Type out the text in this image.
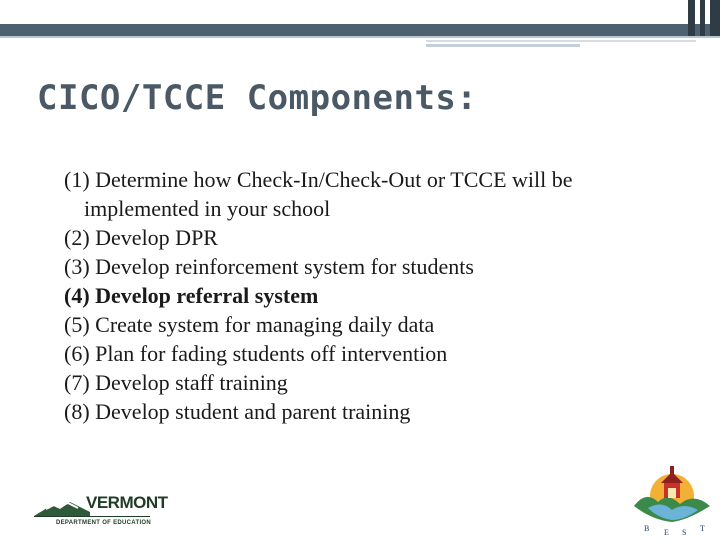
CICO/TCCE Components:
(1) Determine how Check-In/Check-Out or TCCE will be implemented in your school
(2) Develop DPR
(3) Develop reinforcement system for students
(4) Develop referral system
(5) Create system for managing daily data
(6) Plan for fading students off intervention
(7) Develop staff training
(8) Develop student and parent training
VERMONT
DEPARTMENT OF EDUCATION
B E S T
